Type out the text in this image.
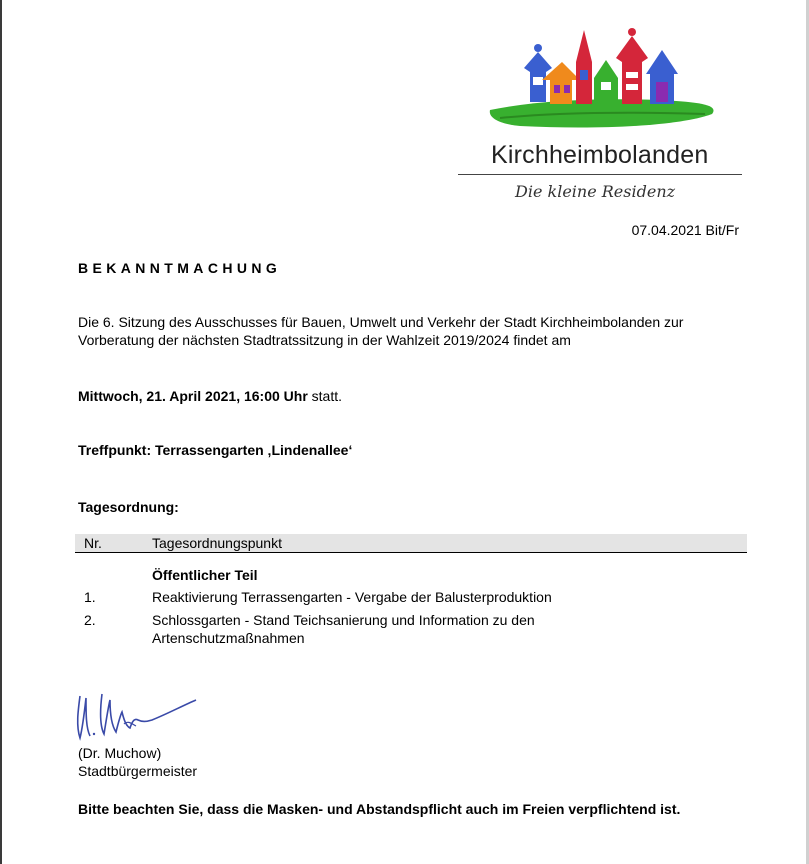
Kirchheimbolanden
Die kleine Residenz
07.04.2021 Bit/Fr
BEKANNTMACHUNG
Die 6. Sitzung des Ausschusses für Bauen, Umwelt und Verkehr der Stadt Kirchheimbolanden zur Vorberatung der nächsten Stadtratssitzung in der Wahlzeit 2019/2024 findet am
Mittwoch, 21. April 2021, 16:00 Uhr statt.
Treffpunkt: Terrassengarten ‚Lindenallee‘
Tagesordnung:
Nr.	Tagesordnungspunkt
Öffentlicher Teil
1.	Reaktivierung Terrassengarten - Vergabe der Balusterproduktion
2.	Schlossgarten - Stand Teichsanierung und Information zu den Artenschutzmaßnahmen
(Dr. Muchow)
Stadtbürgermeister
Bitte beachten Sie, dass die Masken- und Abstandspflicht auch im Freien verpflichtend ist.
